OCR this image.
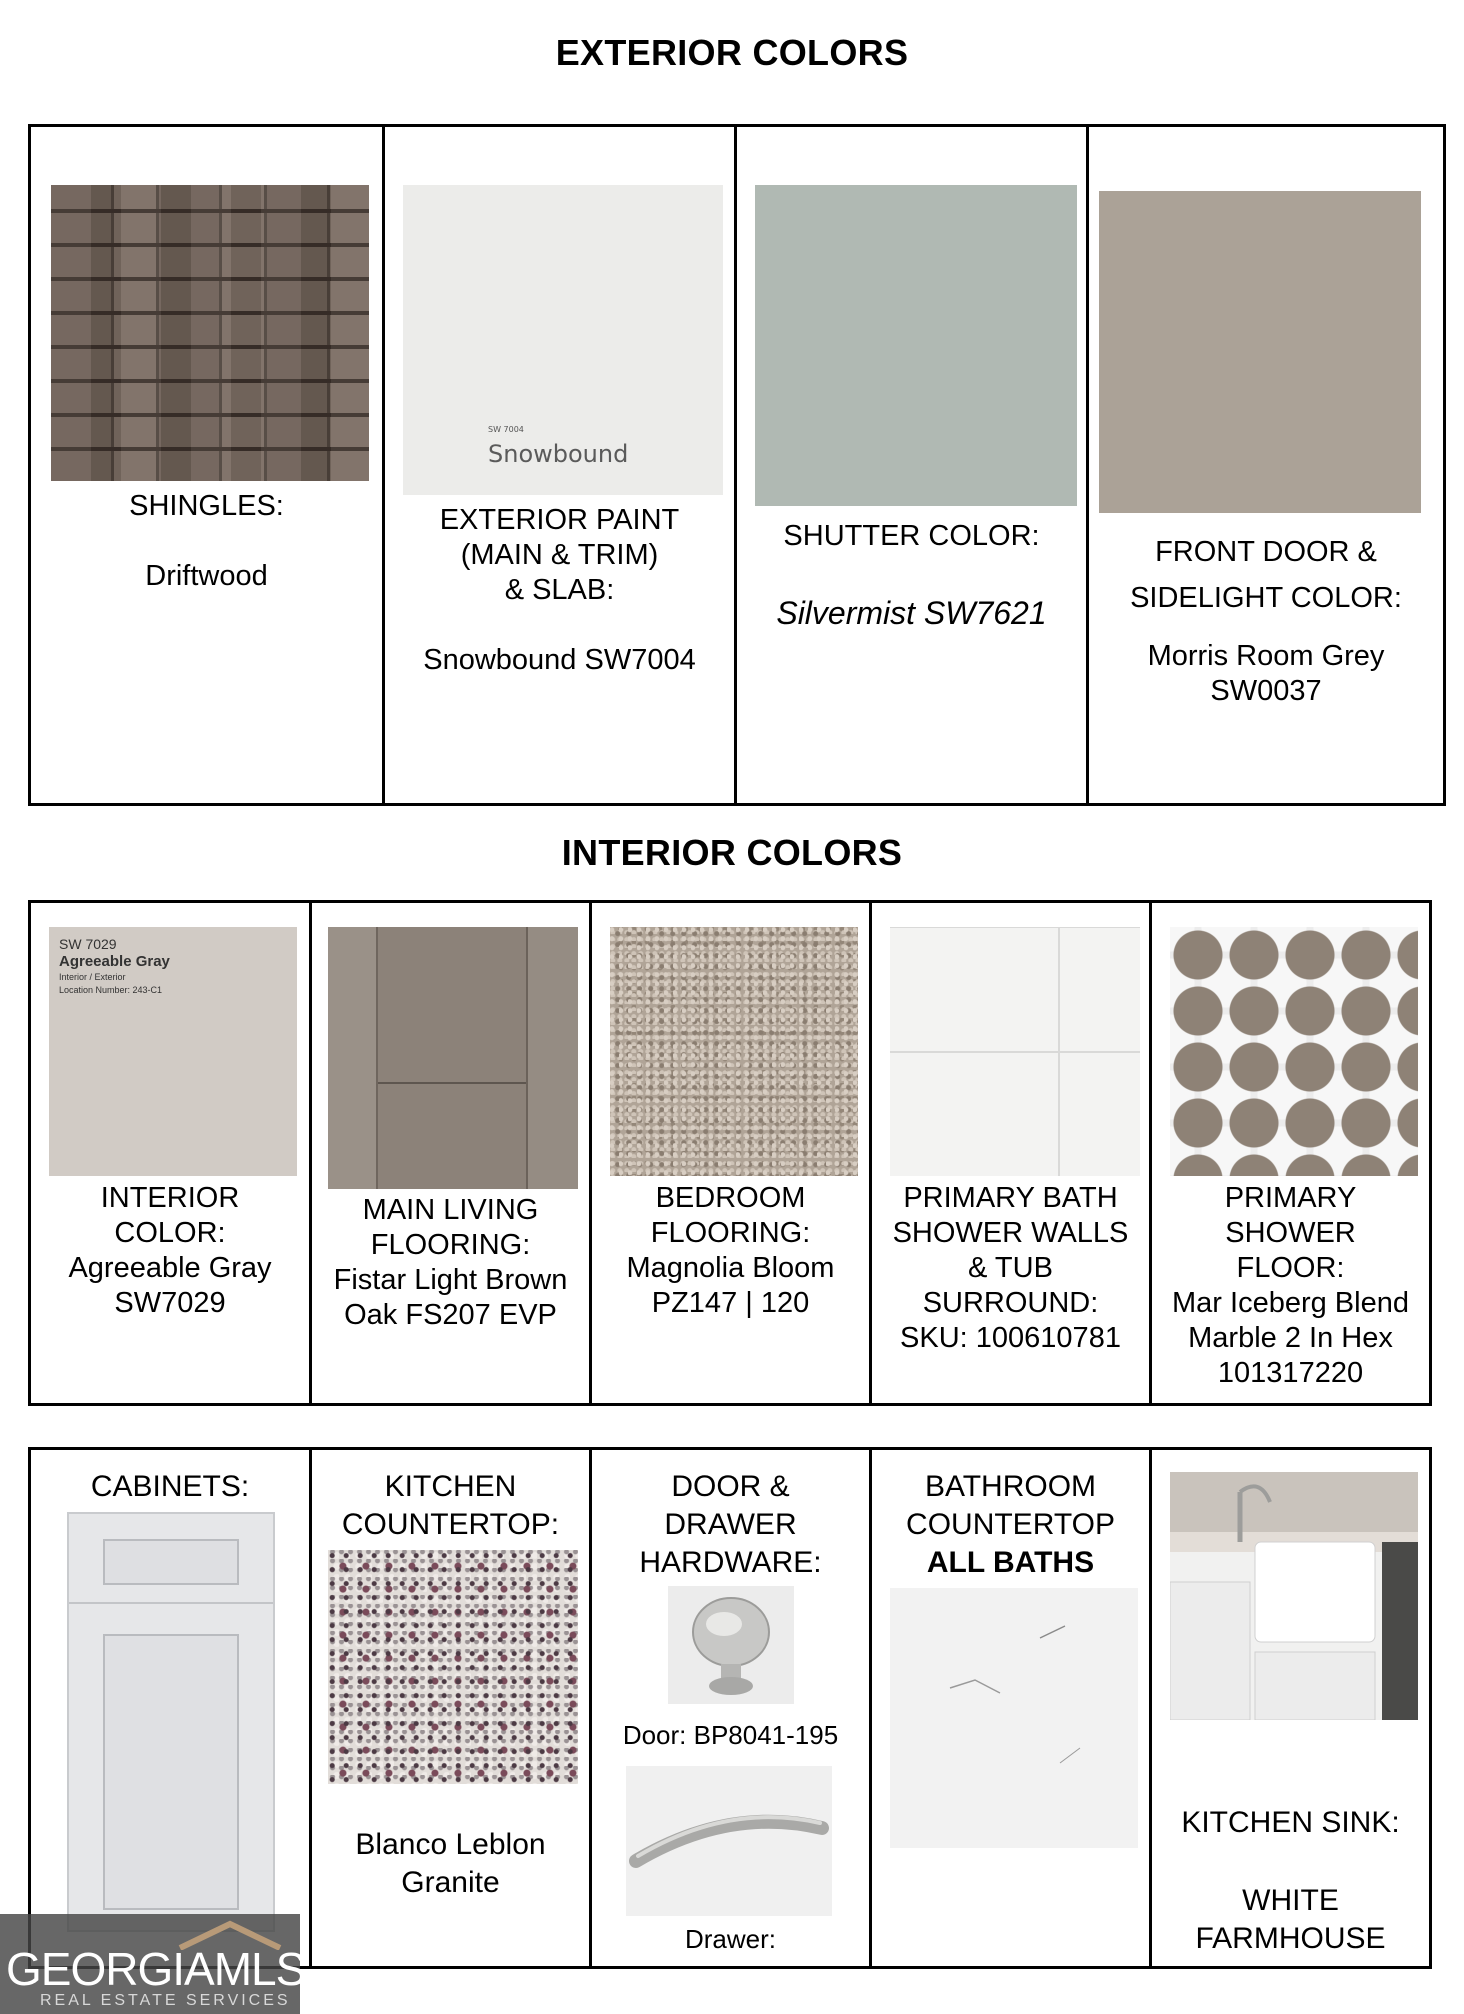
EXTERIOR COLORS
SHINGLES:
Driftwood
SW 7004
Snowbound
EXTERIOR PAINT
(MAIN & TRIM)
& SLAB:
Snowbound SW7004
SHUTTER COLOR:
Silvermist SW7621
FRONT DOOR &
SIDELIGHT COLOR:
Morris Room Grey
SW0037
INTERIOR COLORS
SW 7029
Agreeable Gray
Interior / Exterior
Location Number: 243-C1
INTERIOR
COLOR:
Agreeable Gray
SW7029
MAIN LIVING
FLOORING:
Fistar Light Brown
Oak FS207 EVP
BEDROOM
FLOORING:
Magnolia Bloom
PZ147 | 120
PRIMARY BATH
SHOWER WALLS
& TUB
SURROUND:
SKU: 100610781
PRIMARY
SHOWER
FLOOR:
Mar Iceberg Blend
Marble 2 In Hex
101317220
CABINETS:	KITCHEN
COUNTERTOP:
Blanco Leblon
Granite
DOOR &
DRAWER
HARDWARE:
Door: BP8041-195
Drawer:
BATHROOM
COUNTERTOP
ALL BATHS
KITCHEN SINK:
WHITE
FARMHOUSE
GEORGIAMLS
REAL ESTATE SERVICES
